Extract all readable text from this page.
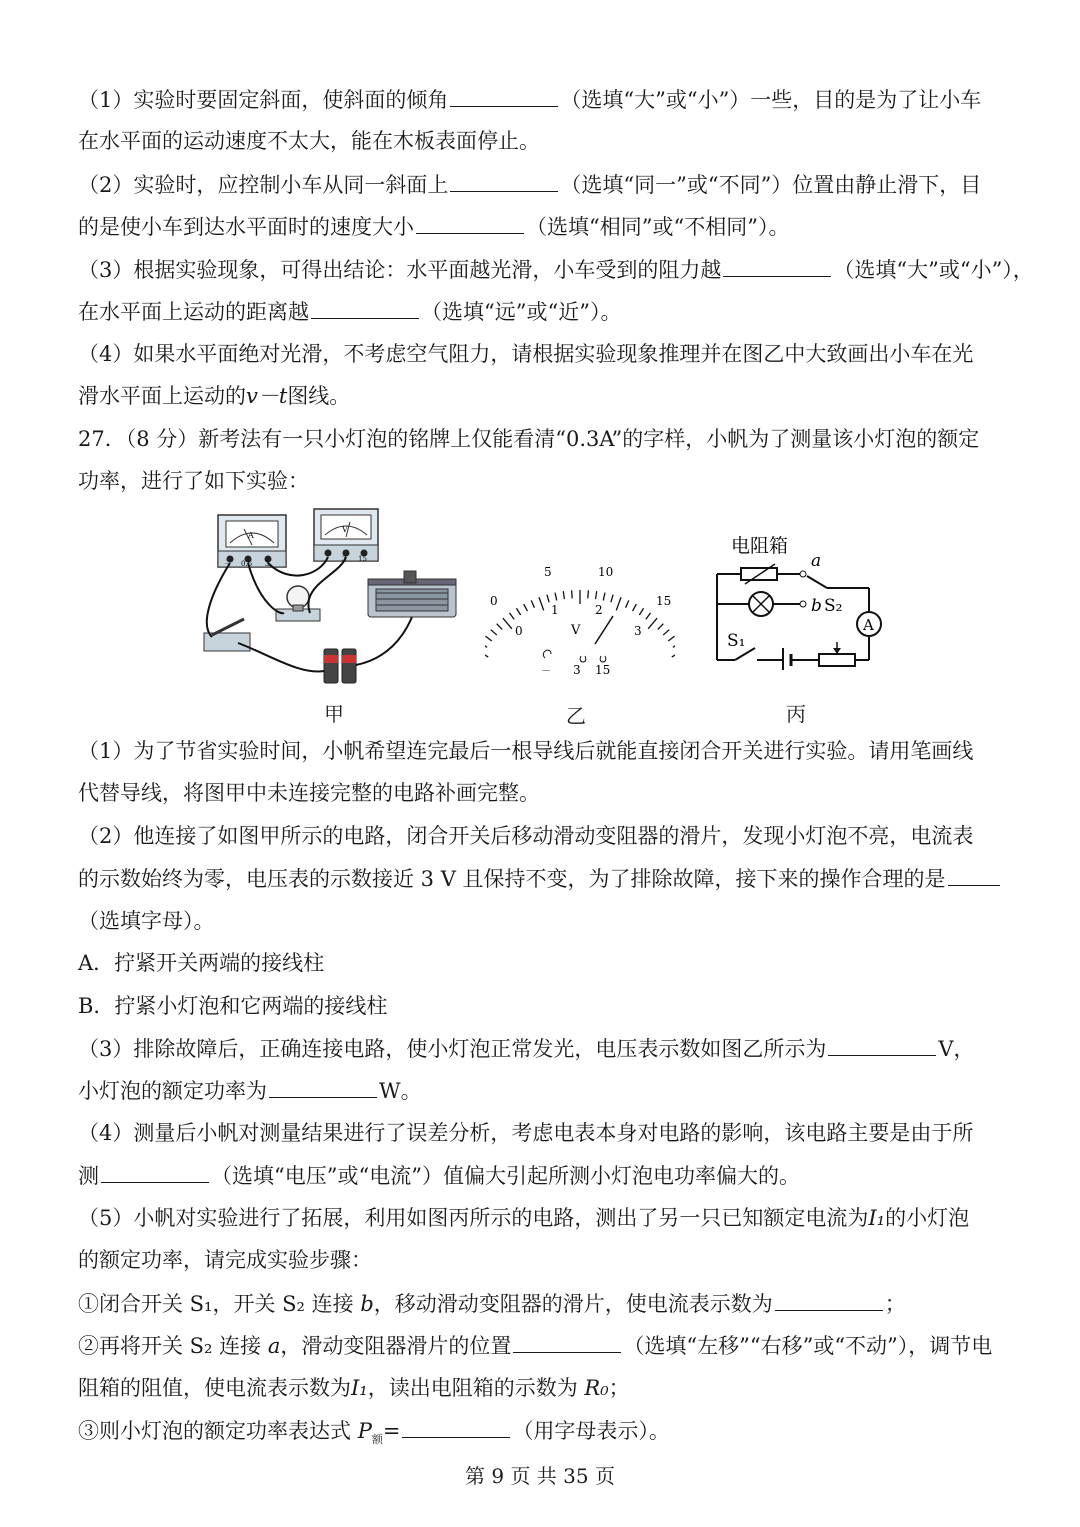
（1）实验时要固定斜面，使斜面的倾角	（选填“大”或“小”）一些，目的是为了让小车
在水平面的运动速度不太大，能在木板表面停止。
（2）实验时，应控制小车从同一斜面上	（选填“同一”或“不同”）位置由静止滑下，目
的是使小车到达水平面时的速度大小	（选填“相同”或“不相同”）。
（3）根据实验现象，可得出结论：水平面越光滑，小车受到的阻力越	（选填“大”或“小”），
在水平面上运动的距离越	（选填“远”或“近”）。
（4）如果水平面绝对光滑，不考虑空气阻力，请根据实验现象推理并在图乙中大致画出小车在光
滑水平面上运动的v－t图线。
27．（8 分）新考法有一只小灯泡的铭牌上仅能看清“0.3A”的字样，小帆为了测量该小灯泡的额定
功率，进行了如下实验：
A
－ 0.6 3
V
3 15
0
5	10
15
0
1	2
3
V
－ 3 15
电阻箱
a
b S₂
A
S₁
甲	乙	丙
（1）为了节省实验时间，小帆希望连完最后一根导线后就能直接闭合开关进行实验。请用笔画线
代替导线，将图甲中未连接完整的电路补画完整。
（2）他连接了如图甲所示的电路，闭合开关后移动滑动变阻器的滑片，发现小灯泡不亮，电流表
的示数始终为零，电压表的示数接近 3 V 且保持不变，为了排除故障，接下来的操作合理的是
（选填字母）。
A．拧紧开关两端的接线柱
B．拧紧小灯泡和它两端的接线柱
（3）排除故障后，正确连接电路，使小灯泡正常发光，电压表示数如图乙所示为	V，
小灯泡的额定功率为	W。
（4）测量后小帆对测量结果进行了误差分析，考虑电表本身对电路的影响，该电路主要是由于所
测	（选填“电压”或“电流”）值偏大引起所测小灯泡电功率偏大的。
（5）小帆对实验进行了拓展，利用如图丙所示的电路，测出了另一只已知额定电流为I₁的小灯泡
的额定功率，请完成实验步骤：
①闭合开关 S₁，开关 S₂ 连接 b，移动滑动变阻器的滑片，使电流表示数为	；
②再将开关 S₂ 连接 a，滑动变阻器滑片的位置	（选填“左移”“右移”或“不动”），调节电
阻箱的阻值，使电流表示数为I₁，读出电阻箱的示数为 R₀；
③则小灯泡的额定功率表达式 $P_额=$	（用字母表示）。
第 9 页 共 35 页
